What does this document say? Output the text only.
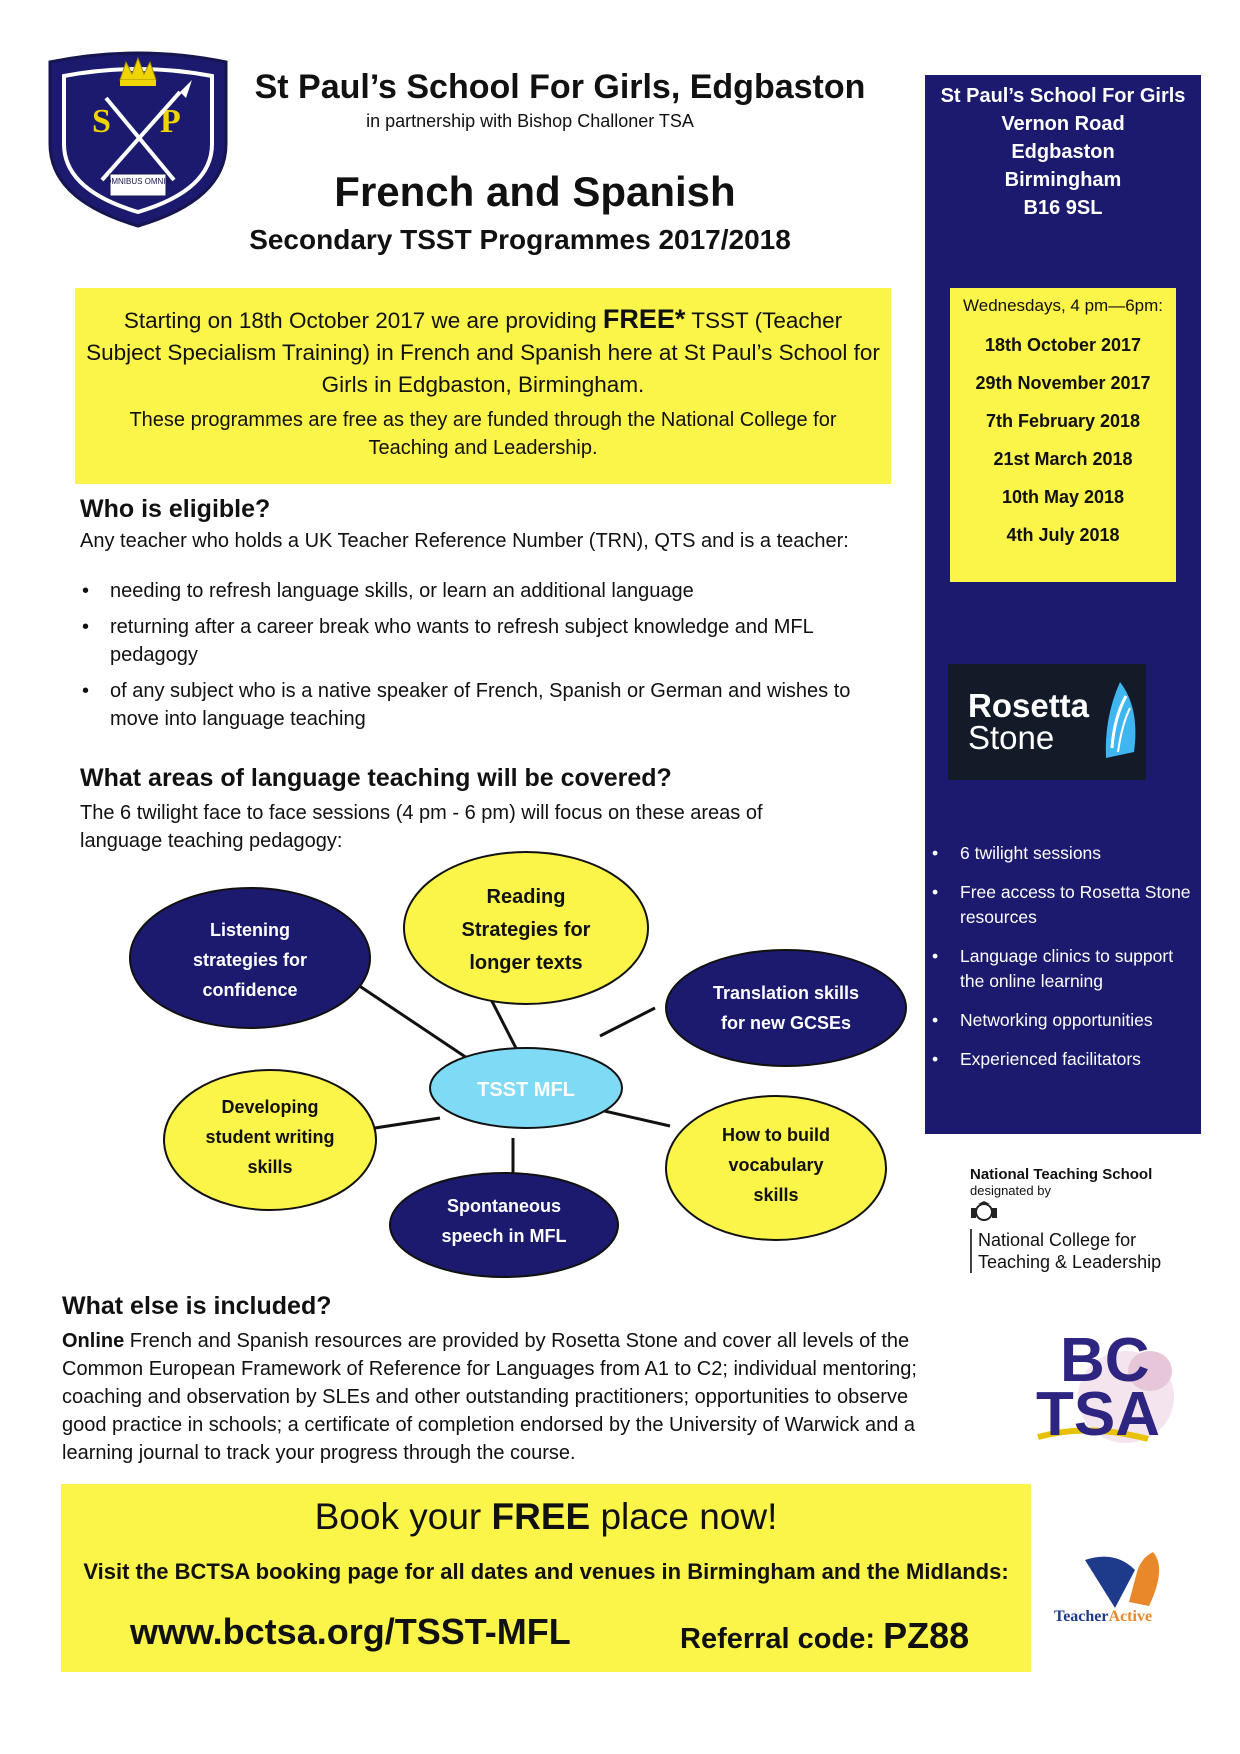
S P
OMNIBUS OMNIA
St Paul’s School For Girls, Edgbaston
in partnership with Bishop Challoner TSA
French and Spanish
Secondary TSST Programmes 2017/2018
Starting on 18th October 2017 we are providing FREE* TSST (Teacher Subject Specialism Training) in French and Spanish here at St Paul’s School for Girls in Edgbaston, Birmingham.
These programmes are free as they are funded through the National College for Teaching and Leadership.
Who is eligible?
Any teacher who holds a UK Teacher Reference Number (TRN), QTS and is a teacher:
• needing to refresh language skills, or learn an additional language
• returning after a career break who wants to refresh subject knowledge and MFL pedagogy
• of any subject who is a native speaker of French, Spanish or German and wishes to move into language teaching
What areas of language teaching will be covered?
The 6 twilight face to face sessions (4 pm - 6 pm) will focus on these areas of language teaching pedagogy:
Listening
strategies for
confidence
Reading
Strategies for
longer texts
Translation skills
for new GCSEs
TSST MFL
Developing
student writing
skills
Spontaneous
speech in MFL
How to build
vocabulary
skills
What else is included?
Online French and Spanish resources are provided by Rosetta Stone and cover all levels of the Common European Framework of Reference for Languages from A1 to C2; individual mentoring; coaching and observation by SLEs and other outstanding practitioners; opportunities to observe good practice in schools; a certificate of completion endorsed by the University of Warwick and a learning journal to track your progress through the course.
Book your FREE place now!
Visit the BCTSA booking page for all dates and venues in Birmingham and the Midlands:
www.bctsa.org/TSST-MFL	Referral code: PZ88
St Paul’s School For Girls
Vernon Road
Edgbaston
Birmingham
B16 9SL
Wednesdays, 4 pm—6pm:
18th October 2017
29th November 2017
7th February 2018
21st March 2018
10th May 2018
4th July 2018
Rosetta
Stone
• 6 twilight sessions
• Free access to Rosetta Stone resources
• Language clinics to support the online learning
• Networking opportunities
• Experienced facilitators
National Teaching School
designated by
National College for Teaching & Leadership
BC
TSA
TeacherActive
